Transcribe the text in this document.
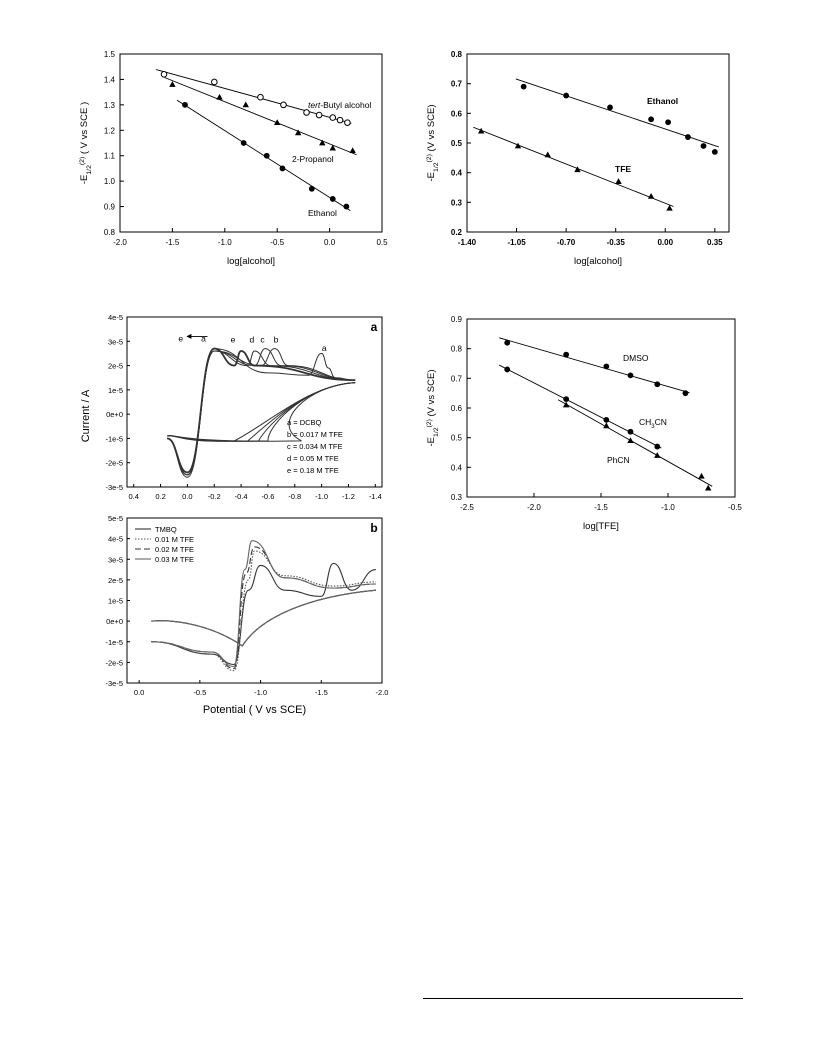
-2.0	-1.5	-1.0	-0.5	0.0	0.5
0.8
0.9
1.0
1.1
1.2
1.3
1.4
1.5
log[alcohol]
$-E_{1/2}^{(2)}$ ( V vs SCE )	tert-Butyl alcohol
2-Propanol
Ethanol
-1.40	-1.05	-0.70	-0.35	0.00	0.35
0.2
0.3
0.4
0.5
0.6
0.7
0.8
log[alcohol]
$-E_{1/2}^{(2)}$ (V vs SCE)
Ethanol
TFE
0.4 0.2 0.0 -0.2 -0.4 -0.6 -0.8 -1.0 -1.2 -1.4
4e-5
3e-5
2e-5
1e-5
0e+0
-1e-5
-2e-5
-3e-5
a
e a	e d c b
a
a = DCBQ
b = 0.017 M TFE
c = 0.034 M TFE
d = 0.05 M TFE
e = 0.18 M TFE
0.0	-0.5	-1.0	-1.5	-2.0
5e-5
4e-5
3e-5
2e-5
1e-5
0e+0
-1e-5
-2e-5
-3e-5
b
TMBQ
0.01 M TFE
0.02 M TFE
0.03 M TFE
Potential ( V vs SCE)
Current / A
-2.5	-2.0	-1.5	-1.0	-0.5
0.3
0.4
0.5
0.6
0.7
0.8
0.9
log[TFE]
$-E_{1/2}^{(2)}$ (V vs SCE)
DMSO
$CH_3CN$
PhCN
